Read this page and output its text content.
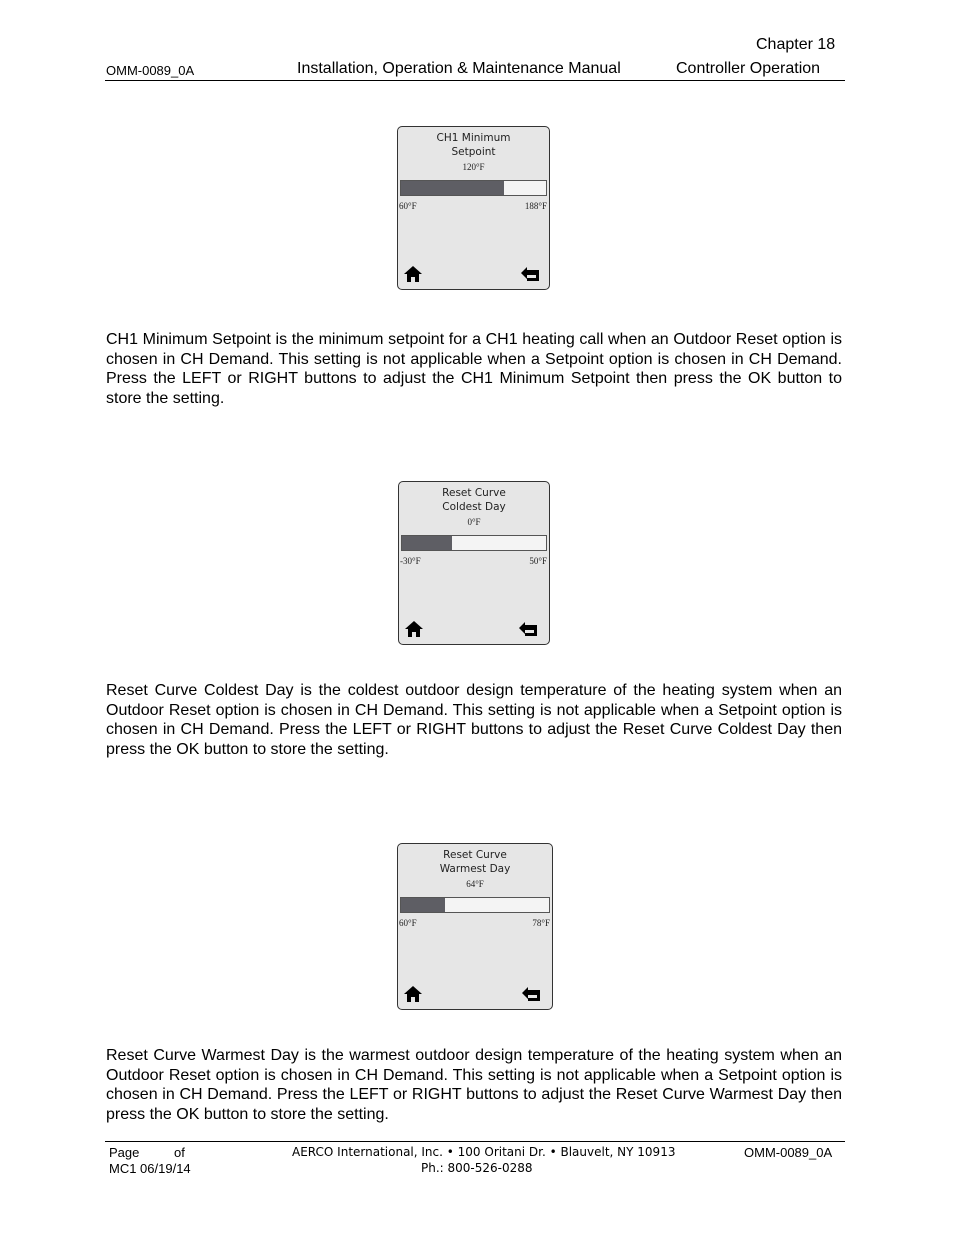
Chapter 18
OMM-0089_0A	Installation, Operation & Maintenance Manual	Controller Operation
CH1 Minimum
Setpoint
120°F
60°F	188°F
CH1 Minimum Setpoint is the minimum setpoint for a CH1 heating call when an Outdoor Reset option is chosen in CH Demand. This setting is not applicable when a Setpoint option is chosen in CH Demand. Press the LEFT or RIGHT buttons to adjust the CH1 Minimum Setpoint then press the OK button to store the setting.
Reset Curve
Coldest Day
0°F
-30°F	50°F
Reset Curve Coldest Day is the coldest outdoor design temperature of the heating system when an Outdoor Reset option is chosen in CH Demand. This setting is not applicable when a Setpoint option is chosen in CH Demand. Press the LEFT or RIGHT buttons to adjust the Reset Curve Coldest Day then press the OK button to store the setting.
Reset Curve
Warmest Day
64°F
60°F	78°F
Reset Curve Warmest Day is the warmest outdoor design temperature of the heating system when an Outdoor Reset option is chosen in CH Demand. This setting is not applicable when a Setpoint option is chosen in CH Demand. Press the LEFT or RIGHT buttons to adjust the Reset Curve Warmest Day then press the OK button to store the setting.
Page	of
MC1 06/19/14
AERCO International, Inc. • 100 Oritani Dr. • Blauvelt, NY 10913
Ph.: 800-526-0288
OMM-0089_0A
